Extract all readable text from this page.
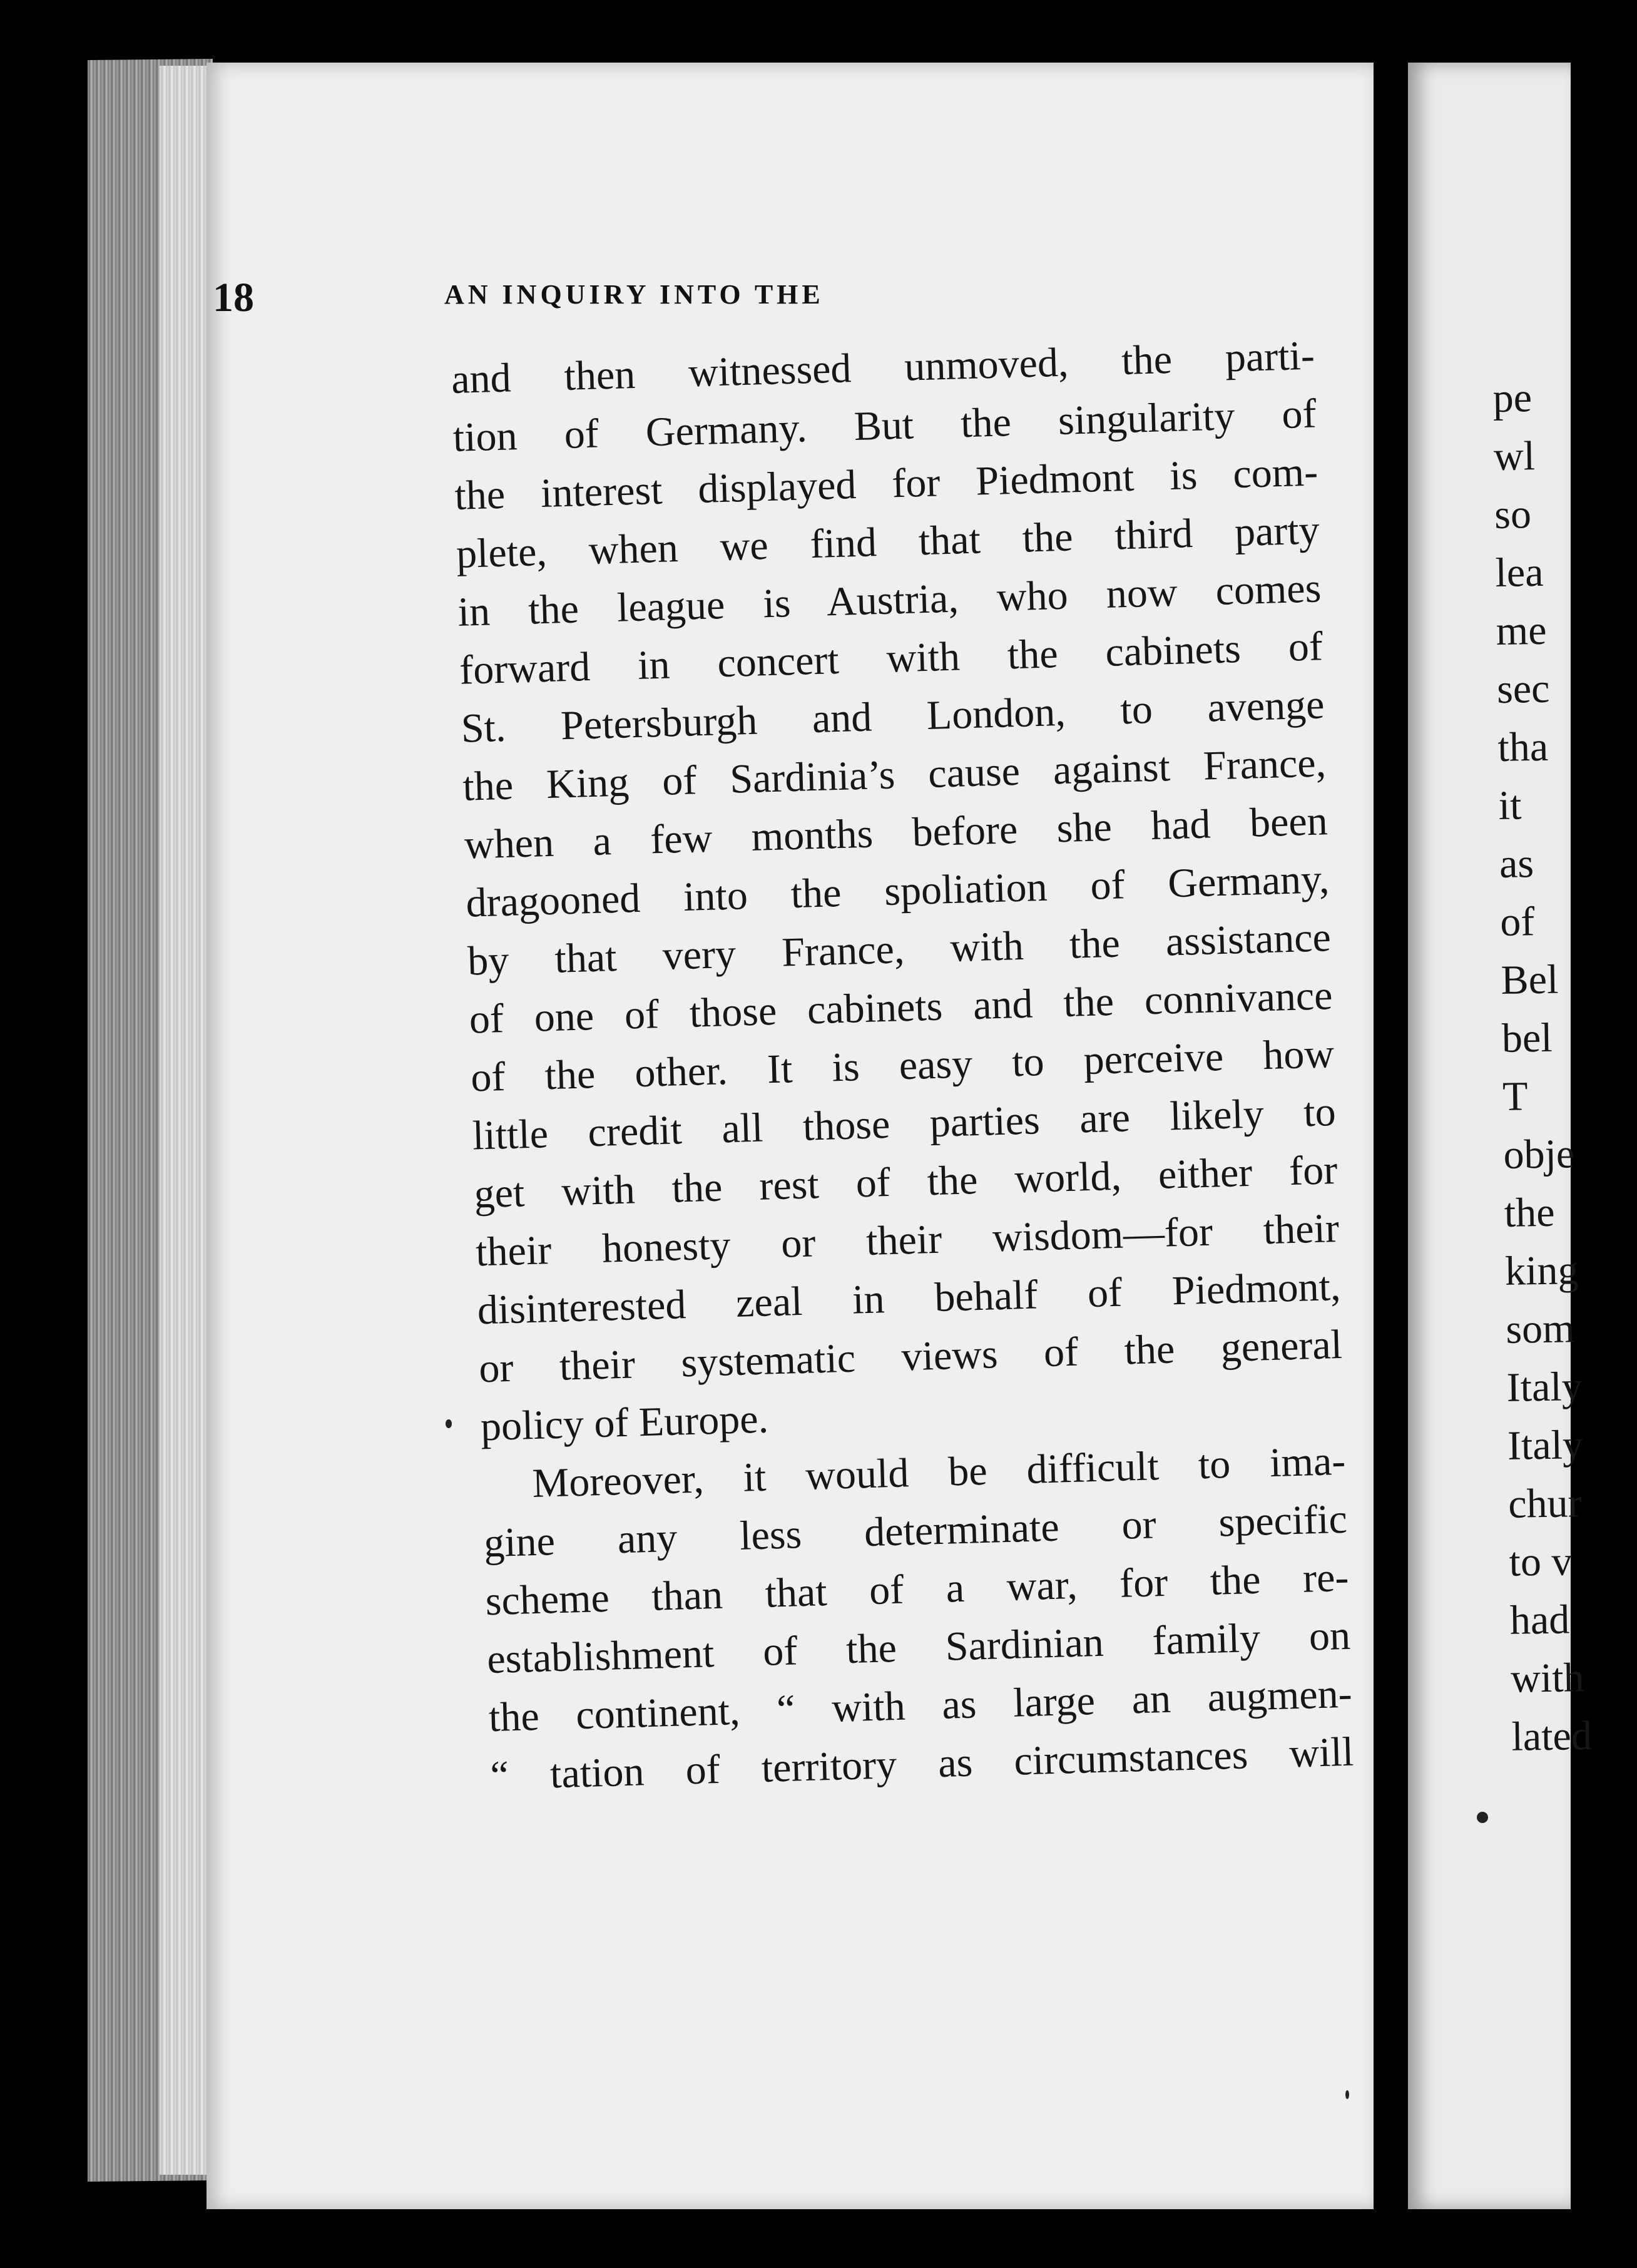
18	AN INQUIRY INTO THE
and then witnessed unmoved, the parti-
tion of Germany. But the singularity of
the interest displayed for Piedmont is com-
plete, when we find that the third party
in the league is Austria, who now comes
forward in concert with the cabinets of
St. Petersburgh and London, to avenge
the King of Sardinia’s cause against France,
when a few months before she had been
dragooned into the spoliation of Germany,
by that very France, with the assistance
of one of those cabinets and the connivance
of the other. It is easy to perceive how
little credit all those parties are likely to
get with the rest of the world, either for
their honesty or their wisdom—for their
disinterested zeal in behalf of Piedmont,
or their systematic views of the general
policy of Europe.
Moreover, it would be difficult to ima-
gine any less determinate or specific
scheme than that of a war, for the re-
establishment of the Sardinian family on
the continent, “ with as large an augmen-
“ tation of territory as circumstances will
pe
wl
so
lea
me
sec
tha
it
as
of
Bel
bel
T
obje
the
king
som
Italy
Italy
chur
to v
had
with
lated
